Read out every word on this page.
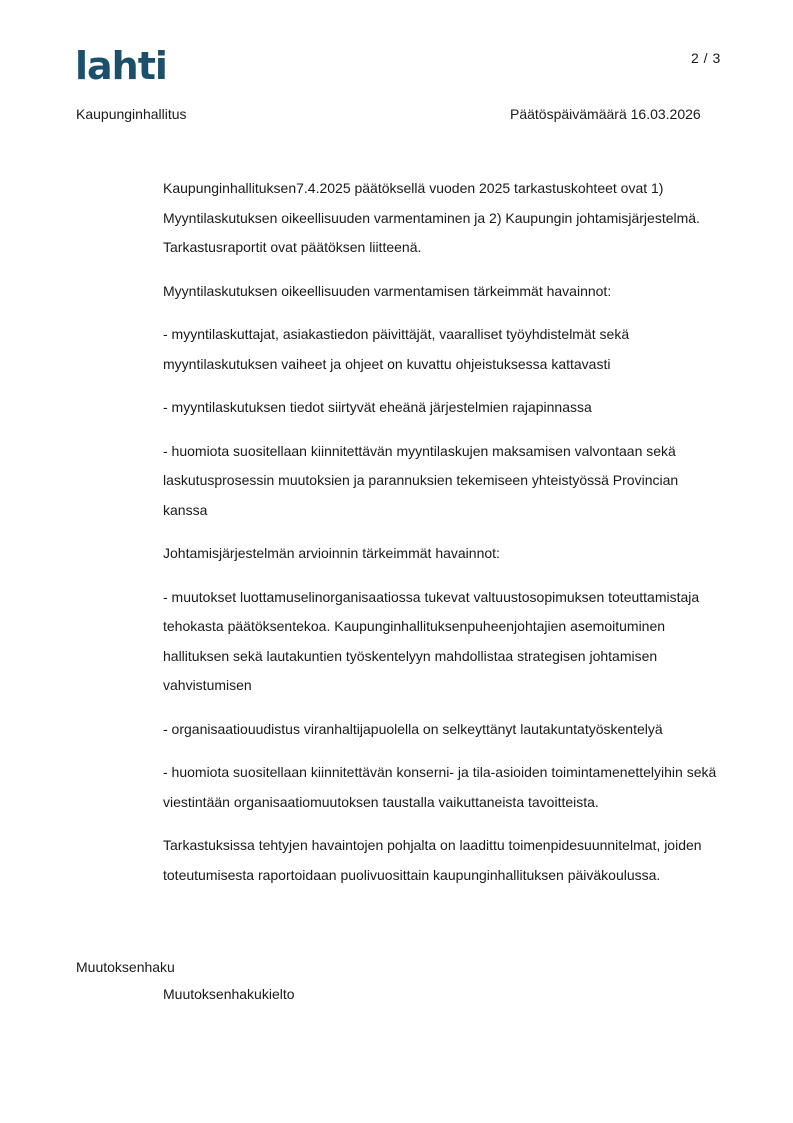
lahti	2 / 3
Kaupunginhallitus	Päätöspäivämäärä 16.03.2026

Kaupunginhallituksen7.4.2025 päätöksellä vuoden 2025 tarkastuskohteet ovat 1) Myyntilaskutuksen oikeellisuuden varmentaminen ja 2) Kaupungin johtamisjärjestelmä. Tarkastusraportit ovat päätöksen liitteenä.

Myyntilaskutuksen oikeellisuuden varmentamisen tärkeimmät havainnot:

- myyntilaskuttajat, asiakastiedon päivittäjät, vaaralliset työyhdistelmät sekä myyntilaskutuksen vaiheet ja ohjeet on kuvattu ohjeistuksessa kattavasti

- myyntilaskutuksen tiedot siirtyvät eheänä järjestelmien rajapinnassa

- huomiota suositellaan kiinnitettävän myyntilaskujen maksamisen valvontaan sekä laskutusprosessin muutoksien ja parannuksien tekemiseen yhteistyössä Provincian kanssa

Johtamisjärjestelmän arvioinnin tärkeimmät havainnot:

- muutokset luottamuselinorganisaatiossa tukevat valtuustosopimuksen toteuttamistaja tehokasta päätöksentekoa. Kaupunginhallituksenpuheenjohtajien asemoituminen hallituksen sekä lautakuntien työskentelyyn mahdollistaa strategisen johtamisen vahvistumisen

- organisaatiouudistus viranhaltijapuolella on selkeyttänyt lautakuntatyöskentelyä

- huomiota suositellaan kiinnitettävän konserni- ja tila-asioiden toimintamenettelyihin sekä viestintään organisaatiomuutoksen taustalla vaikuttaneista tavoitteista.

Tarkastuksissa tehtyjen havaintojen pohjalta on laadittu toimenpidesuunnitelmat, joiden toteutumisesta raportoidaan puolivuosittain kaupunginhallituksen päiväkoulussa.

Muutoksenhaku
Muutoksenhakukielto
